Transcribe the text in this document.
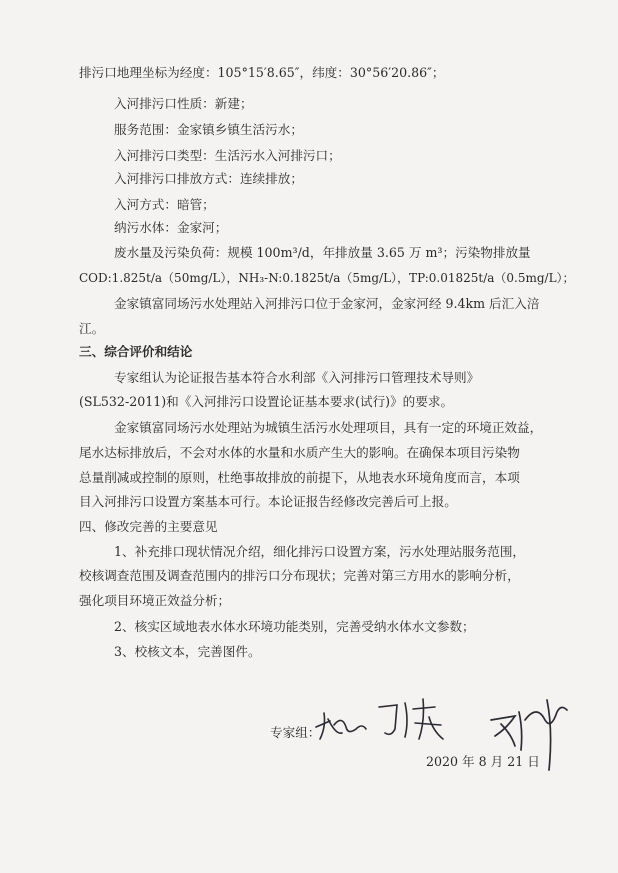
排污口地理坐标为经度：105°15′8.65″，纬度：30°56′20.86″；
入河排污口性质：新建；
服务范围：金家镇乡镇生活污水；
入河排污口类型：生活污水入河排污口；
入河排污口排放方式：连续排放；
入河方式：暗管；
纳污水体：金家河；
废水量及污染负荷：规模 100m³/d，年排放量 3.65 万 m³；污染物排放量
COD:1.825t/a（50mg/L），NH₃-N:0.1825t/a（5mg/L），TP:0.01825t/a（0.5mg/L）；
金家镇富同场污水处理站入河排污口位于金家河，金家河经 9.4km 后汇入涪
江。
三、综合评价和结论
专家组认为论证报告基本符合水利部《入河排污口管理技术导则》
(SL532-2011)和《入河排污口设置论证基本要求(试行)》的要求。
金家镇富同场污水处理站为城镇生活污水处理项目，具有一定的环境正效益，
尾水达标排放后，不会对水体的水量和水质产生大的影响。在确保本项目污染物
总量削减或控制的原则，杜绝事故排放的前提下，从地表水环境角度而言，本项
目入河排污口设置方案基本可行。本论证报告经修改完善后可上报。
四、修改完善的主要意见
1、补充排口现状情况介绍，细化排污口设置方案，污水处理站服务范围，
校核调查范围及调查范围内的排污口分布现状；完善对第三方用水的影响分析，
强化项目环境正效益分析；
2、核实区域地表水体水环境功能类别，完善受纳水体水文参数；
3、校核文本，完善图件。
专家组：
2020 年 8 月 21 日
